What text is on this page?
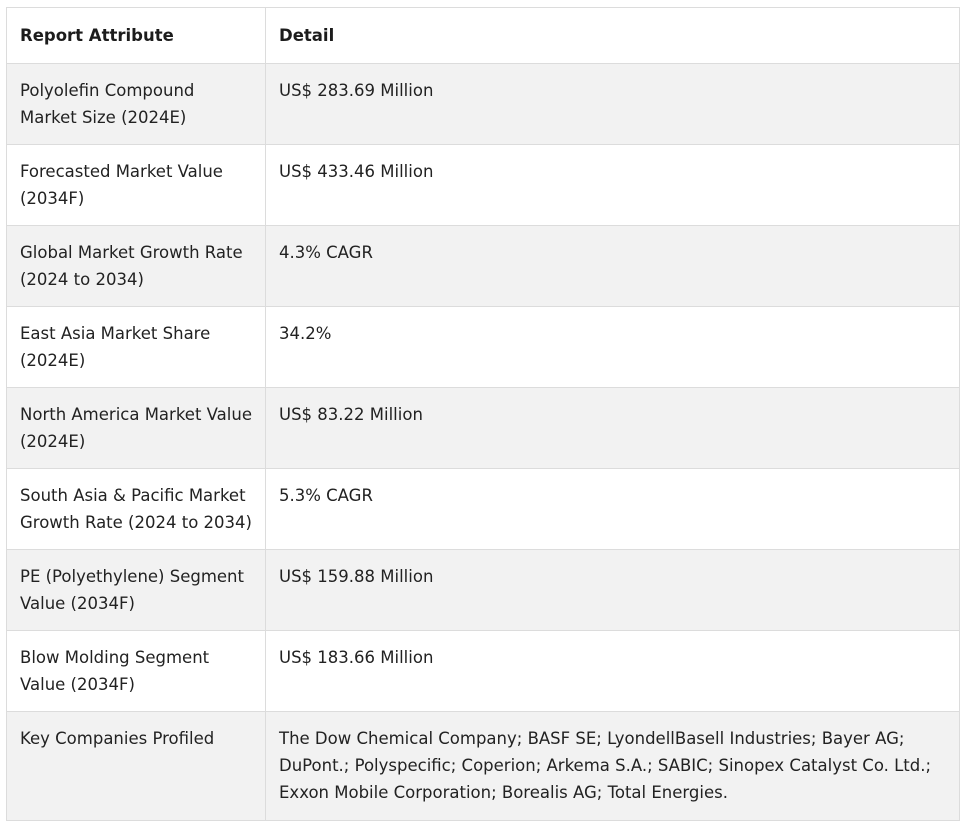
Report Attribute	Detail
Polyolefin Compound Market Size (2024E)	US$ 283.69 Million
Forecasted Market Value (2034F)	US$ 433.46 Million
Global Market Growth Rate (2024 to 2034)	4.3% CAGR
East Asia Market Share (2024E)	34.2%
North America Market Value (2024E)	US$ 83.22 Million
South Asia & Pacific Market Growth Rate (2024 to 2034)	5.3% CAGR
PE (Polyethylene) Segment Value (2034F)	US$ 159.88 Million
Blow Molding Segment Value (2034F)	US$ 183.66 Million
Key Companies Profiled	The Dow Chemical Company; BASF SE; LyondellBasell Industries; Bayer AG; DuPont.; Polyspecific; Coperion; Arkema S.A.; SABIC; Sinopex Catalyst Co. Ltd.; Exxon Mobile Corporation; Borealis AG; Total Energies.
